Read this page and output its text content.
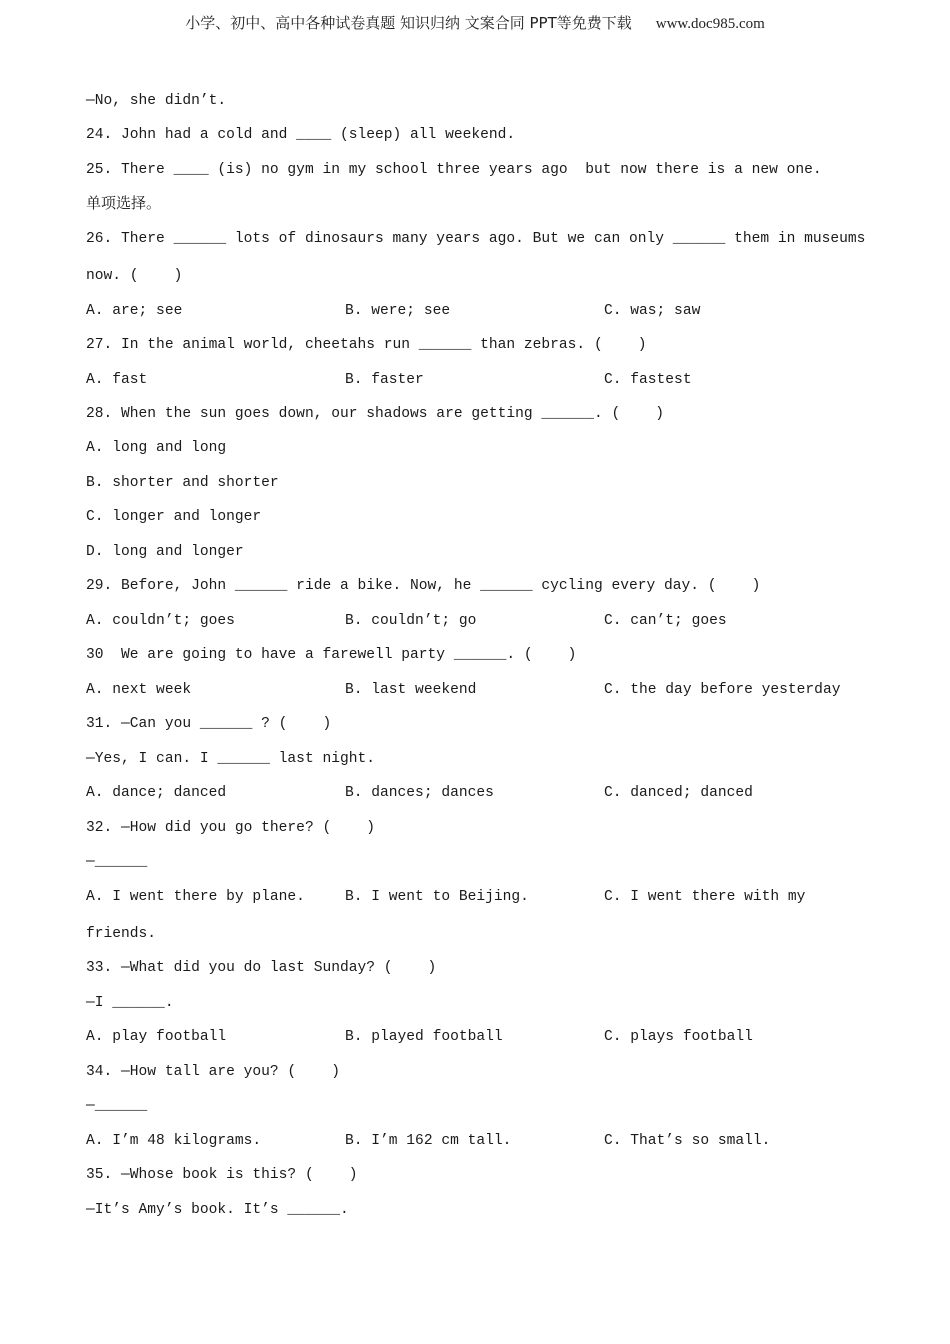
小学、初中、高中各种试卷真题 知识归纳 文案合同 PPT等免费下载 www.doc985.com
—No, she didn’t.
24. John had a cold and ____ (sleep) all weekend.
25. There ____ (is) no gym in my school three years ago  but now there is a new one.
单项选择。
26. There ______ lots of dinosaurs many years ago. But we can only ______ them in museums
now. (    )
A. are; see	B. were; see	C. was; saw
27. In the animal world, cheetahs run ______ than zebras. (    )
A. fast	B. faster	C. fastest
28. When the sun goes down, our shadows are getting ______. (    )
A. long and long
B. shorter and shorter
C. longer and longer
D. long and longer
29. Before, John ______ ride a bike. Now, he ______ cycling every day. (    )
A. couldn’t; goes	B. couldn’t; go	C. can’t; goes
30  We are going to have a farewell party ______. (    )
A. next week	B. last weekend	C. the day before yesterday
31. —Can you ______ ? (    )
—Yes, I can. I ______ last night.
A. dance; danced	B. dances; dances	C. danced; danced
32. —How did you go there? (    )
—______
A. I went there by plane.	B. I went to Beijing.	C. I went there with my
friends.
33. —What did you do last Sunday? (    )
—I ______.
A. play football	B. played football	C. plays football
34. —How tall are you? (    )
—______
A. I’m 48 kilograms.	B. I’m 162 cm tall.	C. That’s so small.
35. —Whose book is this? (    )
—It’s Amy’s book. It’s ______.
